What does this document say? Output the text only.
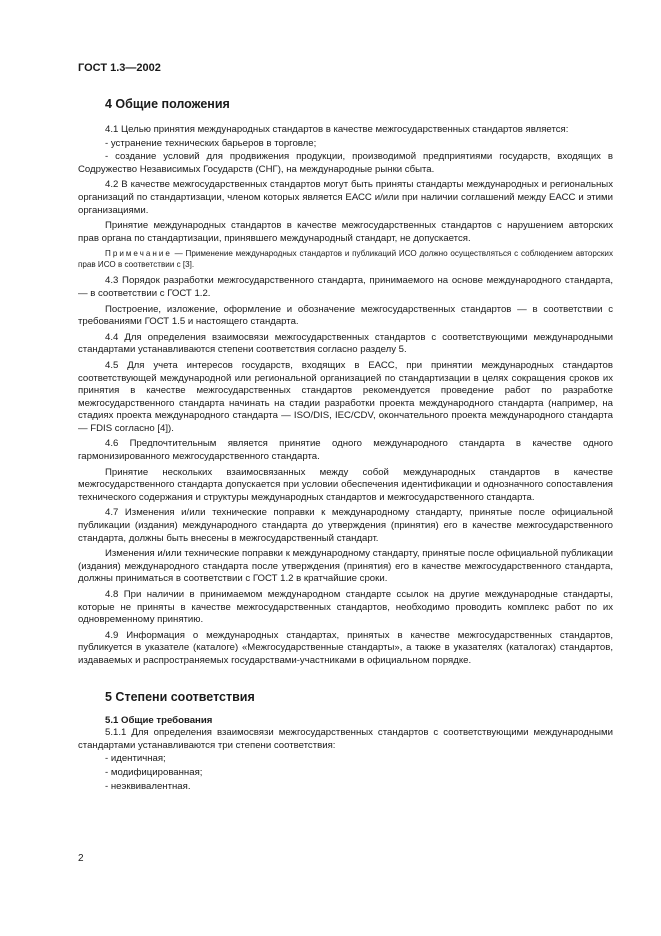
ГОСТ 1.3—2002
4 Общие положения

4.1 Целью принятия международных стандартов в качестве межгосударственных стандартов является:

- устранение технических барьеров в торговле;

- создание условий для продвижения продукции, производимой предприятиями государств, входящих в Содружество Независимых Государств (СНГ), на международные рынки сбыта.

4.2 В качестве межгосударственных стандартов могут быть приняты стандарты международных и региональных организаций по стандартизации, членом которых является ЕАСС и/или при наличии соглашений между ЕАСС и этими организациями.

Принятие международных стандартов в качестве межгосударственных стандартов с нарушением авторских прав органа по стандартизации, принявшего международный стандарт, не допускается.

Примечание — Применение международных стандартов и публикаций ИСО должно осуществляться с соблюдением авторских прав ИСО в соответствии с [3].

4.3 Порядок разработки межгосударственного стандарта, принимаемого на основе международного стандарта, — в соответствии с ГОСТ 1.2.

Построение, изложение, оформление и обозначение межгосударственных стандартов — в соответствии с требованиями ГОСТ 1.5 и настоящего стандарта.

4.4 Для определения взаимосвязи межгосударственных стандартов с соответствующими международными стандартами устанавливаются степени соответствия согласно разделу 5.

4.5 Для учета интересов государств, входящих в ЕАСС, при принятии международных стандартов соответствующей международной или региональной организацией по стандартизации в целях сокращения сроков их принятия в качестве межгосударственных стандартов рекомендуется проведение работ по разработке межгосударственного стандарта начинать на стадии разработки проекта международного стандарта (например, на стадиях проекта международного стандарта — ISO/DIS, IEC/CDV, окончательного проекта международного стандарта — FDIS согласно [4]).

4.6 Предпочтительным является принятие одного международного стандарта в качестве одного гармонизированного межгосударственного стандарта.

Принятие нескольких взаимосвязанных между собой международных стандартов в качестве межгосударственного стандарта допускается при условии обеспечения идентификации и однозначного сопоставления технического содержания и структуры международных стандартов и межгосударственного стандарта.

4.7 Изменения и/или технические поправки к международному стандарту, принятые после официальной публикации (издания) международного стандарта до утверждения (принятия) его в качестве межгосударственного стандарта, должны быть внесены в межгосударственный стандарт.

Изменения и/или технические поправки к международному стандарту, принятые после официальной публикации (издания) международного стандарта после утверждения (принятия) его в качестве межгосударственного стандарта, должны приниматься в соответствии с ГОСТ 1.2 в кратчайшие сроки.

4.8 При наличии в принимаемом международном стандарте ссылок на другие международные стандарты, которые не приняты в качестве межгосударственных стандартов, необходимо проводить комплекс работ по их одновременному принятию.

4.9 Информация о международных стандартах, принятых в качестве межгосударственных стандартов, публикуется в указателе (каталоге) «Межгосударственные стандарты», а также в указателях (каталогах) стандартов, издаваемых и распространяемых государствами-участниками в официальном порядке.

5 Степени соответствия
5.1 Общие требования

5.1.1 Для определения взаимосвязи межгосударственных стандартов с соответствующими международными стандартами устанавливаются три степени соответствия:

- идентичная;
- модифицированная;
- неэквивалентная.
2
